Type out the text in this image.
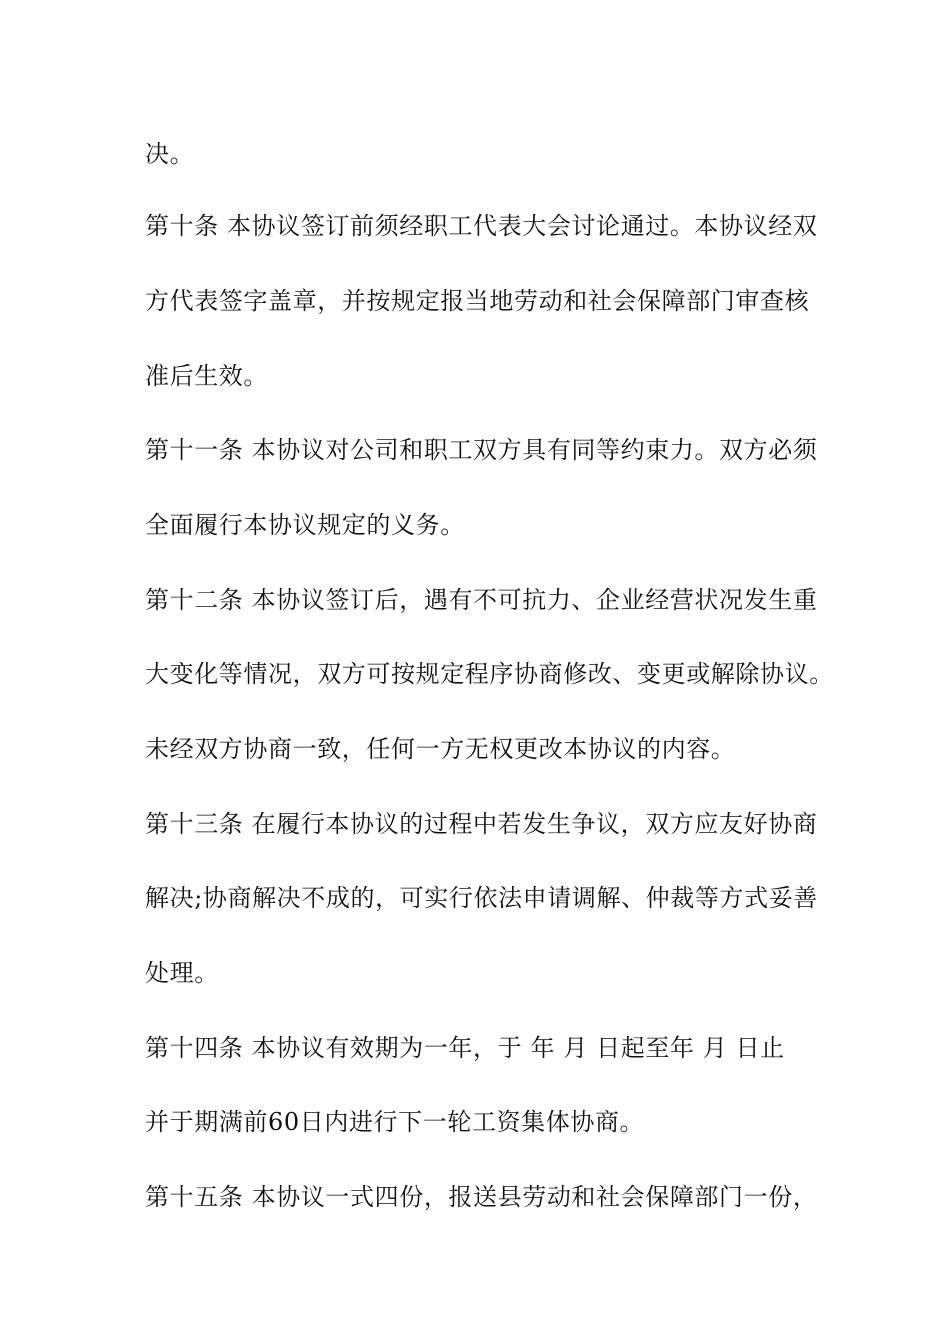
决。
第十条 本协议签订前须经职工代表大会讨论通过。本协议经双
方代表签字盖章，并按规定报当地劳动和社会保障部门审查核
准后生效。
第十一条 本协议对公司和职工双方具有同等约束力。双方必须
全面履行本协议规定的义务。
第十二条 本协议签订后，遇有不可抗力、企业经营状况发生重
大变化等情况，双方可按规定程序协商修改、变更或解除协议。
未经双方协商一致，任何一方无权更改本协议的内容。
第十三条 在履行本协议的过程中若发生争议，双方应友好协商
解决;协商解决不成的，可实行依法申请调解、仲裁等方式妥善
处理。
第十四条 本协议有效期为一年，于 年 月 日起至年 月 日止
并于期满前60日内进行下一轮工资集体协商。
第十五条 本协议一式四份，报送县劳动和社会保障部门一份，
